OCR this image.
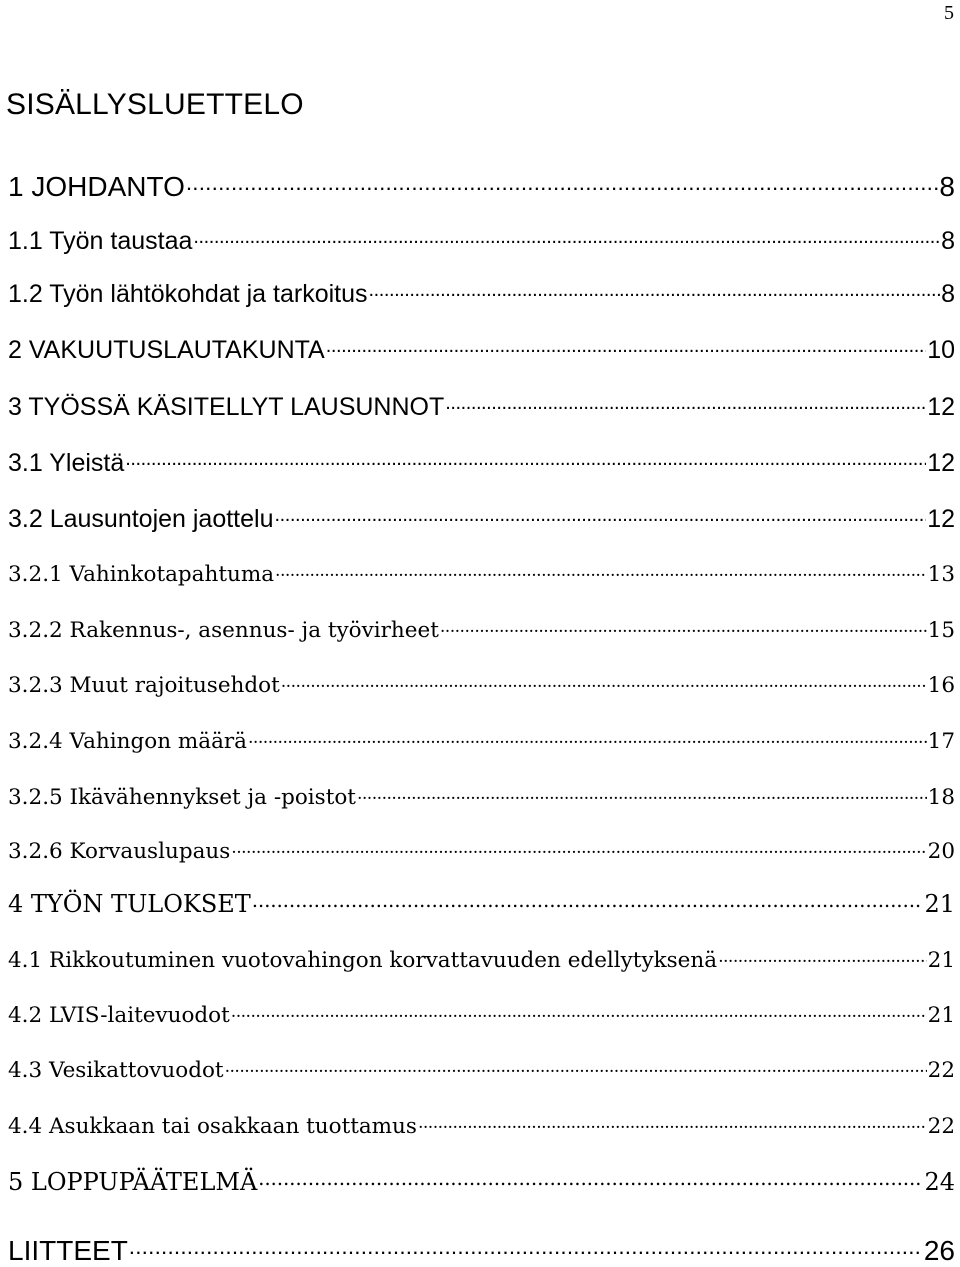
5
SISÄLLYSLUETTELO
1 JOHDANTO . . .	8
1.1 Työn taustaa . . .	8
1.2 Työn lähtökohdat ja tarkoitus . . .	8
2 VAKUUTUSLAUTAKUNTA . . .	10
3 TYÖSSÄ KÄSITELLYT LAUSUNNOT . . .	12
3.1 Yleistä . . .	12
3.2 Lausuntojen jaottelu . . .	12
3.2.1 Vahinkotapahtuma . . .	13
3.2.2 Rakennus-, asennus- ja työvirheet . . .	15
3.2.3 Muut rajoitusehdot . . .	16
3.2.4 Vahingon määrä . . .	17
3.2.5 Ikävähennykset ja -poistot . . .	18
3.2.6 Korvauslupaus . . .	20
4 TYÖN TULOKSET . . .	21
4.1 Rikkoutuminen vuotovahingon korvattavuuden edellytyksenä . . .	21
4.2 LVIS-laitevuodot . . .	21
4.3 Vesikattovuodot . . .	22
4.4 Asukkaan tai osakkaan tuottamus . . .	22
5 LOPPUPÄÄTELMÄ . . .	24
LIITTEET . . .	26
